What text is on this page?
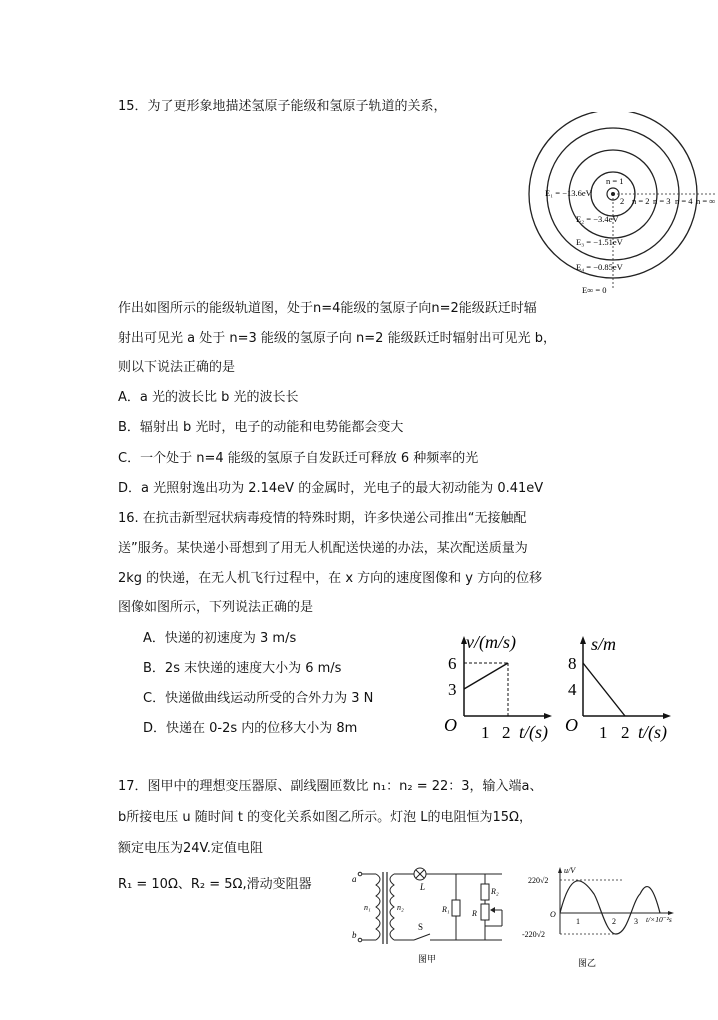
15．为了更形象地描述氢原子能级和氢原子轨道的关系，
n = 1
2 n = 2 n = 3 n = 4 n = ∞
E₁ = −13.6eV
E₂ = −3.4eV
E₃ = −1.51eV
E₄ = −0.85eV
E∞ = 0
作出如图所示的能级轨道图，处于n=4能级的氢原子向n=2能级跃迁时辐
射出可见光 a 处于 n=3 能级的氢原子向 n=2 能级跃迁时辐射出可见光 b，
则以下说法正确的是
A．a 光的波长比 b 光的波长长
B．辐射出 b 光时，电子的动能和电势能都会变大
C．一个处于 n=4 能级的氢原子自发跃迁可释放 6 种频率的光
D．a 光照射逸出功为 2.14eV 的金属时，光电子的最大初动能为 0.41eV
16. 在抗击新型冠状病毒疫情的特殊时期，许多快递公司推出“无接触配
送”服务。某快递小哥想到了用无人机配送快递的办法，某次配送质量为
2kg 的快递，在无人机飞行过程中，在 x 方向的速度图像和 y 方向的位移
图像如图所示，下列说法正确的是
A．快递的初速度为 3 m/s
B．2s 末快递的速度大小为 6 m/s
C．快递做曲线运动所受的合外力为 3 N
D．快递在 0-2s 内的位移大小为 8m
v/(m/s)
6
3
O 1 2 t/(s)
s/m
8
4
O 1 2 t/(s)
17．图甲中的理想变压器原、副线圈匝数比 n₁：n₂ = 22：3，输入端a、
b所接电压 u 随时间 t 的变化关系如图乙所示。灯泡 L的电阻恒为15Ω，
额定电压为24V.定值电阻
R₁ = 10Ω、R₂ = 5Ω,滑动变阻器	a
b
n₁	n₂
L
S
R₁
R₂
R
图甲
u/V
220√2
O
-220√2
1	2 3 t/×10⁻²s
图乙
